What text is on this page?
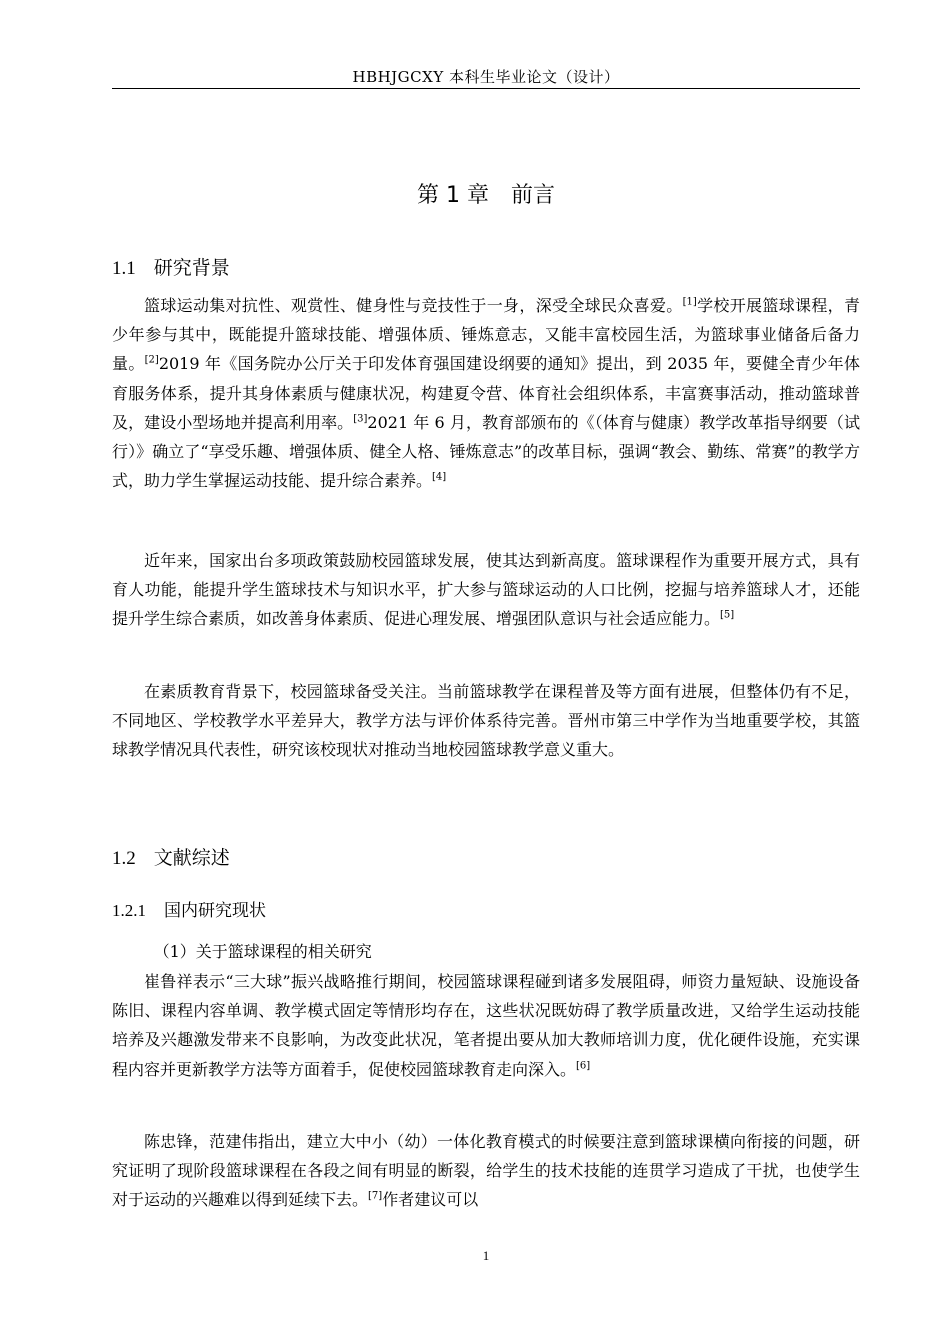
HBHJGCXY 本科生毕业论文（设计）
第 1 章　前言
1.1 研究背景
篮球运动集对抗性、观赏性、健身性与竞技性于一身，深受全球民众喜爱。[1]学校开展篮球课程，青少年参与其中，既能提升篮球技能、增强体质、锤炼意志，又能丰富校园生活，为篮球事业储备后备力量。[2]2019 年《国务院办公厅关于印发体育强国建设纲要的通知》提出，到 2035 年，要健全青少年体育服务体系，提升其身体素质与健康状况，构建夏令营、体育社会组织体系，丰富赛事活动，推动篮球普及，建设小型场地并提高利用率。[3]2021 年 6 月，教育部颁布的《（体育与健康）教学改革指导纲要（试行）》确立了“享受乐趣、增强体质、健全人格、锤炼意志”的改革目标，强调“教会、勤练、常赛”的教学方式，助力学生掌握运动技能、提升综合素养。[4]
近年来，国家出台多项政策鼓励校园篮球发展，使其达到新高度。篮球课程作为重要开展方式，具有育人功能，能提升学生篮球技术与知识水平，扩大参与篮球运动的人口比例，挖掘与培养篮球人才，还能提升学生综合素质，如改善身体素质、促进心理发展、增强团队意识与社会适应能力。[5]
在素质教育背景下，校园篮球备受关注。当前篮球教学在课程普及等方面有进展，但整体仍有不足，不同地区、学校教学水平差异大，教学方法与评价体系待完善。晋州市第三中学作为当地重要学校，其篮球教学情况具代表性，研究该校现状对推动当地校园篮球教学意义重大。
1.2 文献综述
1.2.1 国内研究现状
（1）关于篮球课程的相关研究
崔鲁祥表示“三大球”振兴战略推行期间，校园篮球课程碰到诸多发展阻碍，师资力量短缺、设施设备陈旧、课程内容单调、教学模式固定等情形均存在，这些状况既妨碍了教学质量改进，又给学生运动技能培养及兴趣激发带来不良影响，为改变此状况，笔者提出要从加大教师培训力度，优化硬件设施，充实课程内容并更新教学方法等方面着手，促使校园篮球教育走向深入。[6]
陈忠锋，范建伟指出，建立大中小（幼）一体化教育模式的时候要注意到篮球课横向衔接的问题，研究证明了现阶段篮球课程在各段之间有明显的断裂，给学生的技术技能的连贯学习造成了干扰，也使学生对于运动的兴趣难以得到延续下去。[7]作者建议可以
1
